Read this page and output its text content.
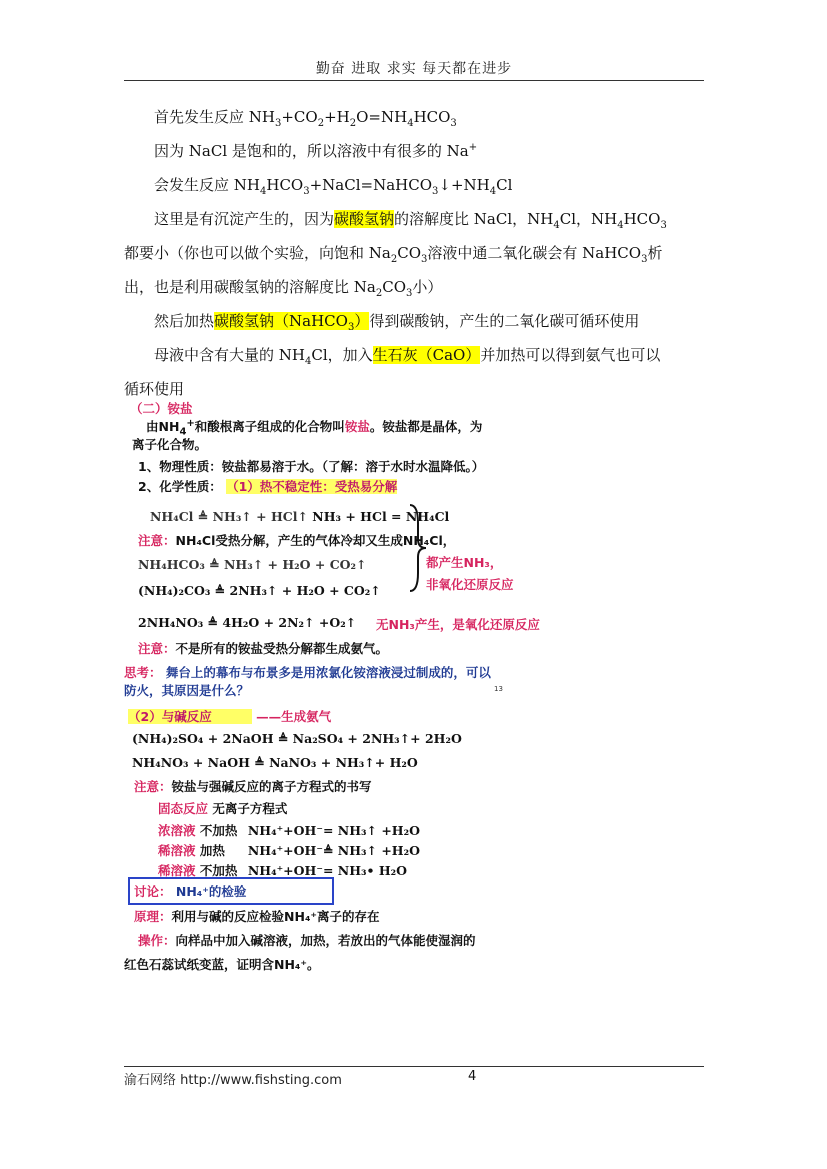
勤奋 进取 求实 每天都在进步

首先发生反应 $NH_3+CO_2+H_2O=NH_4HCO_3$

因为 NaCl 是饱和的，所以溶液中有很多的 Na+

会发生反应 $NH_4HCO_3+NaCl=NaHCO_3↓+NH_4Cl$

这里是有沉淀产生的，因为碳酸氢钠的溶解度比 NaCl，$NH_4Cl$，$NH_4HCO_3$

都要小（你也可以做个实验，向饱和 $Na_2CO_3$溶液中通二氧化碳会有 NaHCO$_3$析

出，也是利用碳酸氢钠的溶解度比 $Na_2CO_3$小）

然后加热碳酸氢钠（NaHCO$_3$）得到碳酸钠，产生的二氧化碳可循环使用

母液中含有大量的 $NH_4Cl$，加入生石灰（CaO）并加热可以得到氨气也可以

循环使用

（二）铵盐
由$NH_4^+$和酸根离子组成的化合物叫铵盐。铵盐都是晶体，为
离子化合物。
1、物理性质：铵盐都易溶于水。（了解：溶于水时水温降低。）
2、化学性质： （1）热不稳定性：受热易分解
NH₄Cl ≜ NH₃↑ + HCl↑ NH₃ + HCl = NH₄Cl
注意：NH₄Cl受热分解，产生的气体冷却又生成NH₄Cl，
NH₄HCO₃ ≜ NH₃↑ + H₂O + CO₂↑
(NH₄)₂CO₃ ≜ 2NH₃↑ + H₂O + CO₂↑
都产生NH₃，
非氧化还原反应
2NH₄NO₃ ≜ 4H₂O + 2N₂↑ +O₂↑ 无NH₃产生，是氧化还原反应
注意：不是所有的铵盐受热分解都生成氨气。
思考： 舞台上的幕布与布景多是用浓氯化铵溶液浸过制成的，可以
防火，其原因是什么？	13
（2）与碱反应	——生成氨气
(NH₄)₂SO₄ + 2NaOH ≜ Na₂SO₄ + 2NH₃↑+ 2H₂O
NH₄NO₃ + NaOH ≜ NaNO₃ + NH₃↑+ H₂O
注意：铵盐与强碱反应的离子方程式的书写
固态反应 无离子方程式
浓溶液 不加热 NH₄⁺+OH⁻= NH₃↑ +H₂O
稀溶液 加热 NH₄⁺+OH⁻≜ NH₃↑ +H₂O
稀溶液 不加热 NH₄⁺+OH⁻= NH₃• H₂O
讨论： NH₄⁺的检验
原理：利用与碱的反应检验NH₄⁺离子的存在
操作：向样品中加入碱溶液，加热，若放出的气体能使湿润的
红色石蕊试纸变蓝，证明含NH₄⁺。
渝石网络 http://www.fishsting.com	4
